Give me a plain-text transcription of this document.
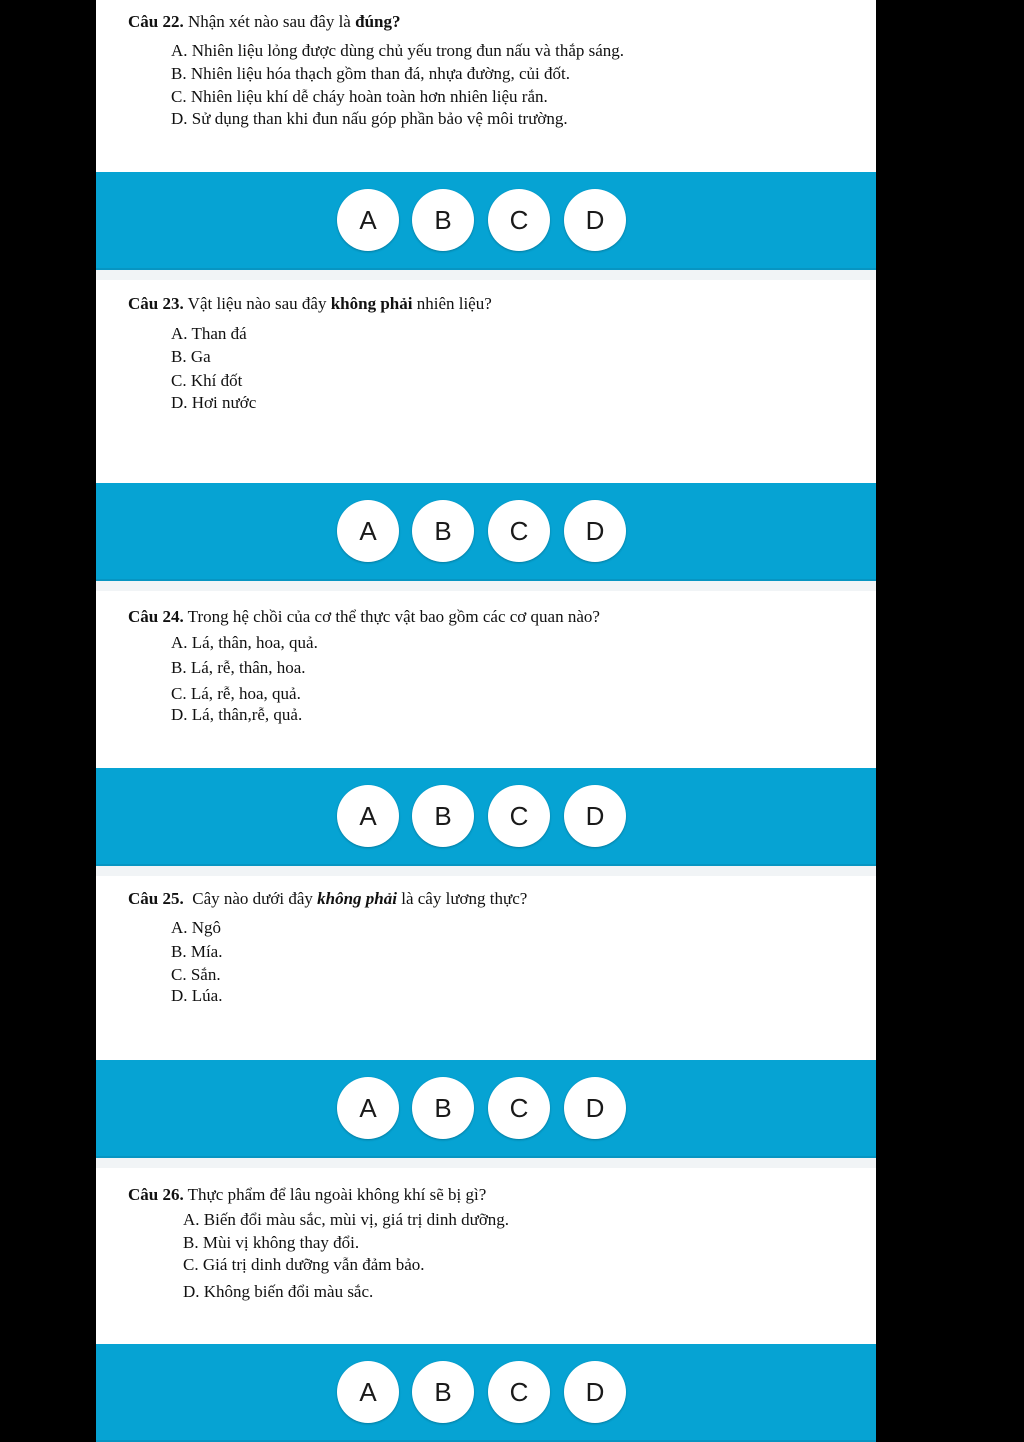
Câu 22. Nhận xét nào sau đây là đúng?
A. Nhiên liệu lỏng được dùng chủ yếu trong đun nấu và thắp sáng.
B. Nhiên liệu hóa thạch gồm than đá, nhựa đường, củi đốt.
C. Nhiên liệu khí dễ cháy hoàn toàn hơn nhiên liệu rắn.
D. Sử dụng than khi đun nấu góp phần bảo vệ môi trường.
A	B	C	D
Câu 23. Vật liệu nào sau đây không phải nhiên liệu?
A. Than đá
B. Ga
C. Khí đốt
D. Hơi nước
A	B	C	D
Câu 24. Trong hệ chồi của cơ thể thực vật bao gồm các cơ quan nào?
A. Lá, thân, hoa, quả.
B. Lá, rễ, thân, hoa.
C. Lá, rễ, hoa, quả.
D. Lá, thân,rễ, quả.
A	B	C	D
Câu 25.  Cây nào dưới đây không phải là cây lương thực?
A. Ngô
B. Mía.
C. Sắn.
D. Lúa.
A	B	C	D
Câu 26. Thực phẩm để lâu ngoài không khí sẽ bị gì?
A. Biến đổi màu sắc, mùi vị, giá trị dinh dưỡng.
B. Mùi vị không thay đổi.
C. Giá trị dinh dưỡng vẫn đảm bảo.
D. Không biến đổi màu sắc.
A	B	C	D
